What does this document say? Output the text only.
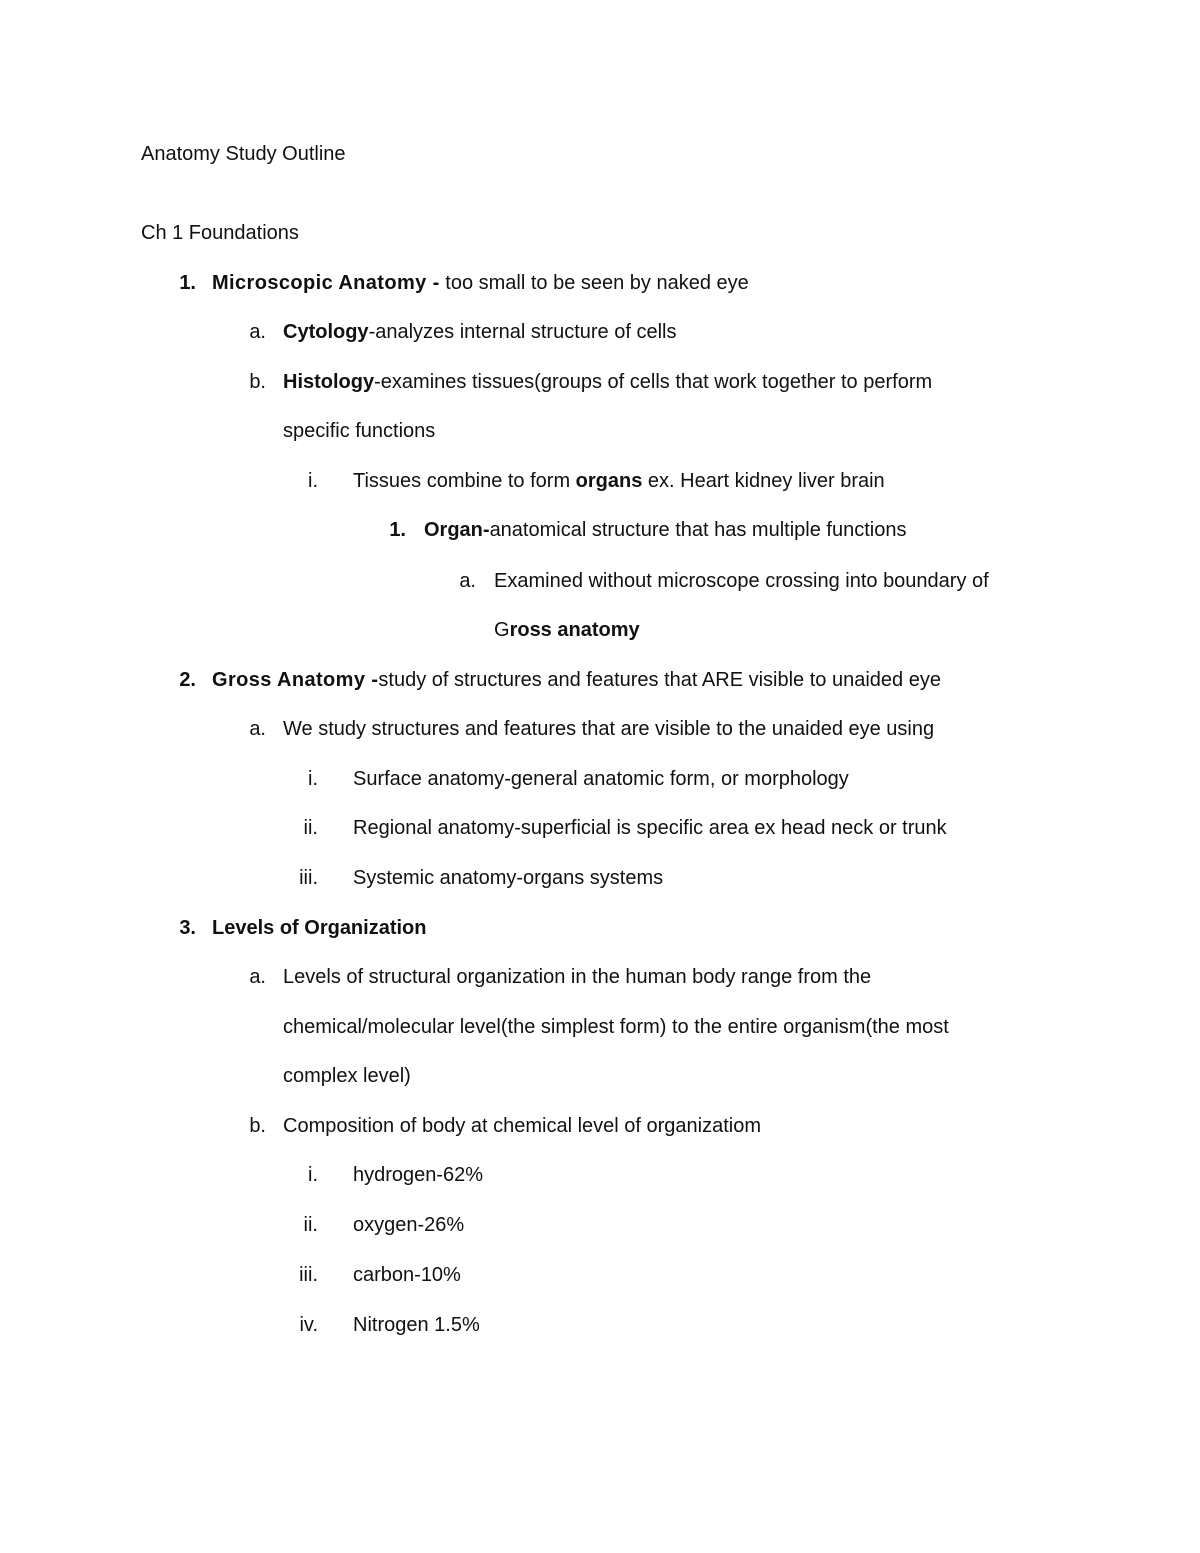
Anatomy Study Outline
Ch 1 Foundations
1. Microscopic Anatomy - too small to be seen by naked eye
a. Cytology-analyzes internal structure of cells
b. Histology-examines tissues(groups of cells that work together to perform
specific functions
i. Tissues combine to form organs ex. Heart kidney liver brain
1. Organ-anatomical structure that has multiple functions
a. Examined without microscope crossing into boundary of
Gross anatomy
2. Gross Anatomy -study of structures and features that ARE visible to unaided eye
a. We study structures and features that are visible to the unaided eye using
i. Surface anatomy-general anatomic form, or morphology
ii. Regional anatomy-superficial is specific area ex head neck or trunk
iii. Systemic anatomy-organs systems
3. Levels of Organization
a. Levels of structural organization in the human body range from the
chemical/molecular level(the simplest form) to the entire organism(the most
complex level)
b. Composition of body at chemical level of organizatiom
i. hydrogen-62%
ii. oxygen-26%
iii. carbon-10%
iv. Nitrogen 1.5%
